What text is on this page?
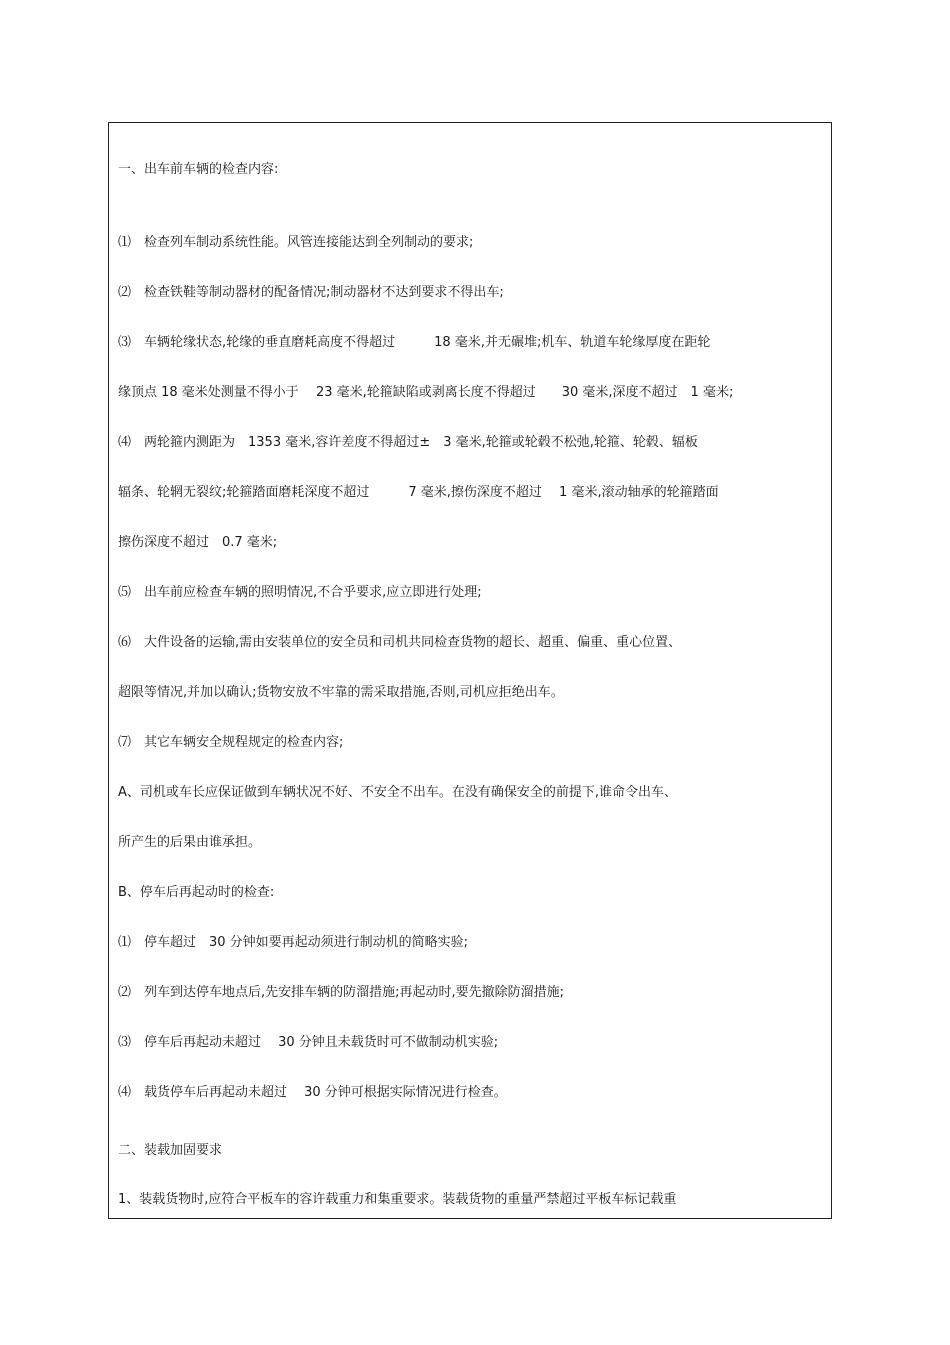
一、出车前车辆的检查内容:

⑴　检查列车制动系统性能。风管连接能达到全列制动的要求;

⑵　检查铁鞋等制动器材的配备情况;制动器材不达到要求不得出车;

⑶　车辆轮缘状态,轮缘的垂直磨耗高度不得超过　　　18 毫米,并无碾堆;机车、轨道车轮缘厚度在距轮

缘顶点 18 毫米处测量不得小于　 23 毫米,轮箍缺陷或剥离长度不得超过　　30 毫米,深度不超过　1 毫米;

⑷　两轮箍内测距为　1353 毫米,容许差度不得超过±　3 毫米,轮箍或轮毂不松弛,轮箍、轮毂、辐板

辐条、轮辋无裂纹;轮箍踏面磨耗深度不超过　　　7 毫米,擦伤深度不超过　 1 毫米,滚动轴承的轮箍踏面

擦伤深度不超过　0.7 毫米;

⑸　出车前应检查车辆的照明情况,不合乎要求,应立即进行处理;

⑹　大件设备的运输,需由安装单位的安全员和司机共同检查货物的超长、超重、偏重、重心位置、

超限等情况,并加以确认;货物安放不牢靠的需采取措施,否则,司机应拒绝出车。

⑺　其它车辆安全规程规定的检查内容;

A、司机或车长应保证做到车辆状况不好、不安全不出车。在没有确保安全的前提下,谁命令出车、

所产生的后果由谁承担。

B、停车后再起动时的检查:

⑴　停车超过　30 分钟如要再起动须进行制动机的简略实验;

⑵　列车到达停车地点后,先安排车辆的防溜措施;再起动时,要先撤除防溜措施;

⑶　停车后再起动未超过　 30 分钟且未载货时可不做制动机实验;

⑷　载货停车后再起动未超过　 30 分钟可根据实际情况进行检查。

二、装载加固要求

1、装载货物时,应符合平板车的容许载重力和集重要求。装载货物的重量严禁超过平板车标记载重
